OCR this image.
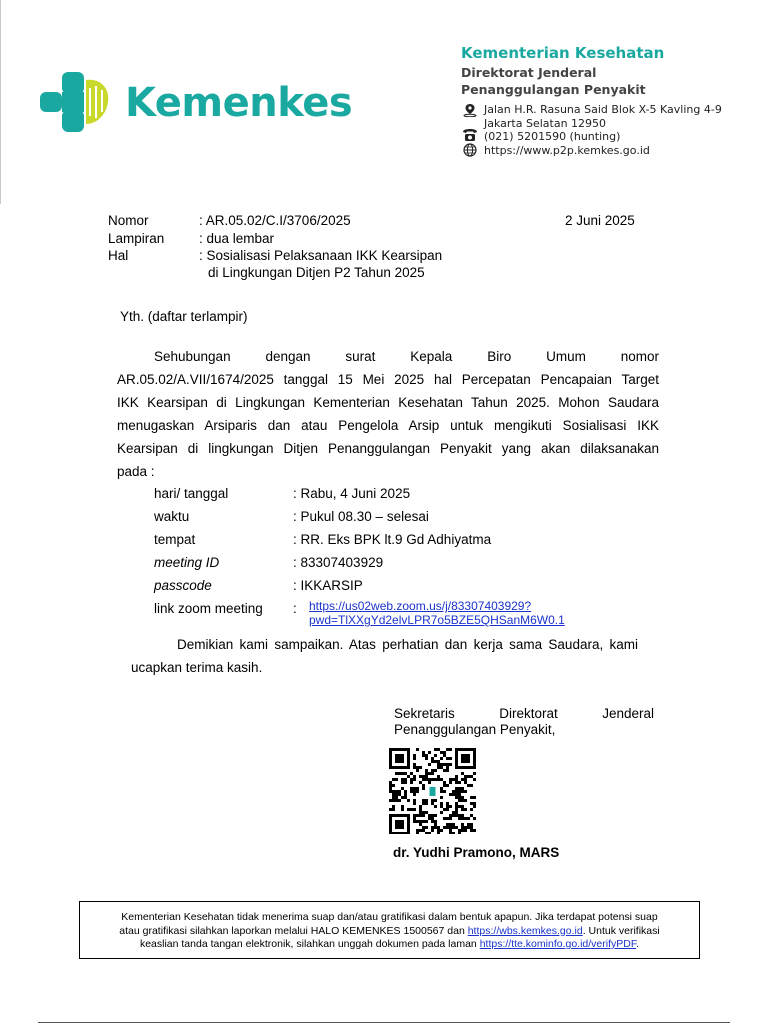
Kemenkes
Kementerian Kesehatan
Direktorat Jenderal
Penanggulangan Penyakit
Jalan H.R. Rasuna Said Blok X-5 Kavling 4-9
Jakarta Selatan 12950
(021) 5201590 (hunting)
https://www.p2p.kemkes.go.id
Nomor	: AR.05.02/C.I/3706/2025	2 Juni 2025
Lampiran	: dua lembar
Hal	: Sosialisasi Pelaksanaan IKK Kearsipan
di Lingkungan Ditjen P2 Tahun 2025
Yth. (daftar terlampir)
Sehubungan	dengan	surat	Kepala	Biro	Umum	nomor
AR.05.02/A.VII/1674/2025 tanggal 15 Mei 2025 hal Percepatan Pencapaian Target
IKK Kearsipan di Lingkungan Kementerian Kesehatan Tahun 2025. Mohon Saudara
menugaskan Arsiparis dan atau Pengelola Arsip untuk mengikuti Sosialisasi IKK
Kearsipan di lingkungan Ditjen Penanggulangan Penyakit yang akan dilaksanakan
pada :
hari/ tanggal	: Rabu, 4 Juni 2025
waktu	: Pukul 08.30 – selesai
tempat	: RR. Eks BPK lt.9 Gd Adhiyatma
meeting ID	: 83307403929
passcode	: IKKARSIP
link zoom meeting : https://us02web.zoom.us/j/83307403929?
pwd=TlXXgYd2elvLPR7o5BZE5QHSanM6W0.1
Demikian kami sampaikan. Atas perhatian dan kerja sama Saudara, kami
ucapkan terima kasih.
Sekretaris	Direktorat	Jenderal
Penanggulangan Penyakit,
dr. Yudhi Pramono, MARS
Kementerian Kesehatan tidak menerima suap dan/atau gratifikasi dalam bentuk apapun. Jika terdapat potensi suap
atau gratifikasi silahkan laporkan melalui HALO KEMENKES 1500567 dan https://wbs.kemkes.go.id. Untuk verifikasi
keaslian tanda tangan elektronik, silahkan unggah dokumen pada laman https://tte.kominfo.go.id/verifyPDF.
